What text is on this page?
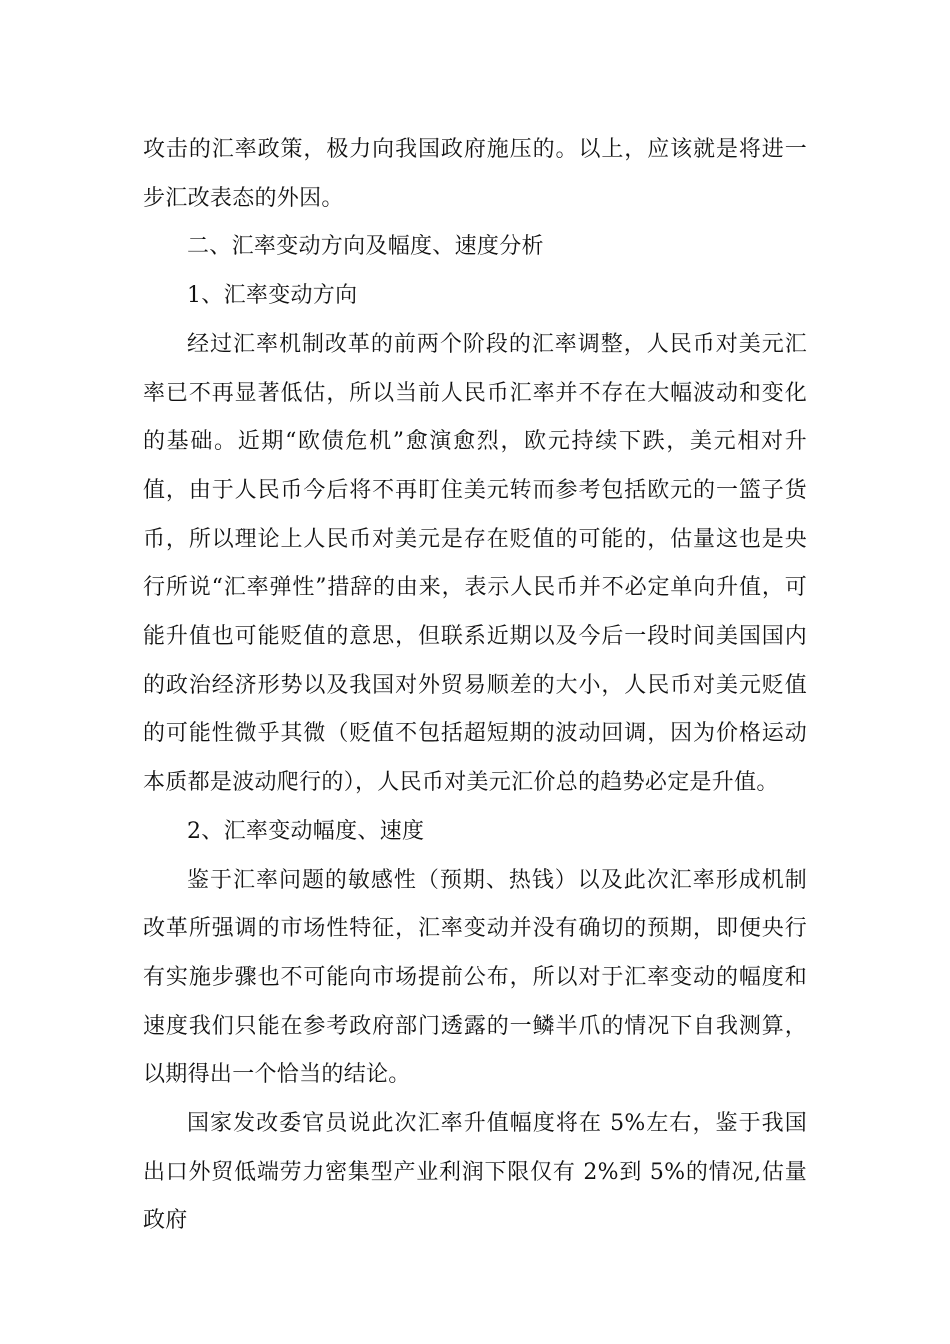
攻击的汇率政策，极力向我国政府施压的。以上，应该就是将进一步汇改表态的外因。

二、汇率变动方向及幅度、速度分析

1、汇率变动方向

经过汇率机制改革的前两个阶段的汇率调整，人民币对美元汇率已不再显著低估，所以当前人民币汇率并不存在大幅波动和变化的基础。近期“欧债危机”愈演愈烈，欧元持续下跌，美元相对升值，由于人民币今后将不再盯住美元转而参考包括欧元的一篮子货币，所以理论上人民币对美元是存在贬值的可能的，估量这也是央行所说“汇率弹性”措辞的由来，表示人民币并不必定单向升值，可能升值也可能贬值的意思，但联系近期以及今后一段时间美国国内的政治经济形势以及我国对外贸易顺差的大小，人民币对美元贬值的可能性微乎其微（贬值不包括超短期的波动回调，因为价格运动本质都是波动爬行的），人民币对美元汇价总的趋势必定是升值。

2、汇率变动幅度、速度

鉴于汇率问题的敏感性（预期、热钱）以及此次汇率形成机制改革所强调的市场性特征，汇率变动并没有确切的预期，即便央行有实施步骤也不可能向市场提前公布，所以对于汇率变动的幅度和速度我们只能在参考政府部门透露的一鳞半爪的情况下自我测算，以期得出一个恰当的结论。

国家发改委官员说此次汇率升值幅度将在 5%左右，鉴于我国出口外贸低端劳力密集型产业利润下限仅有 2%到 5%的情况,估量政府
